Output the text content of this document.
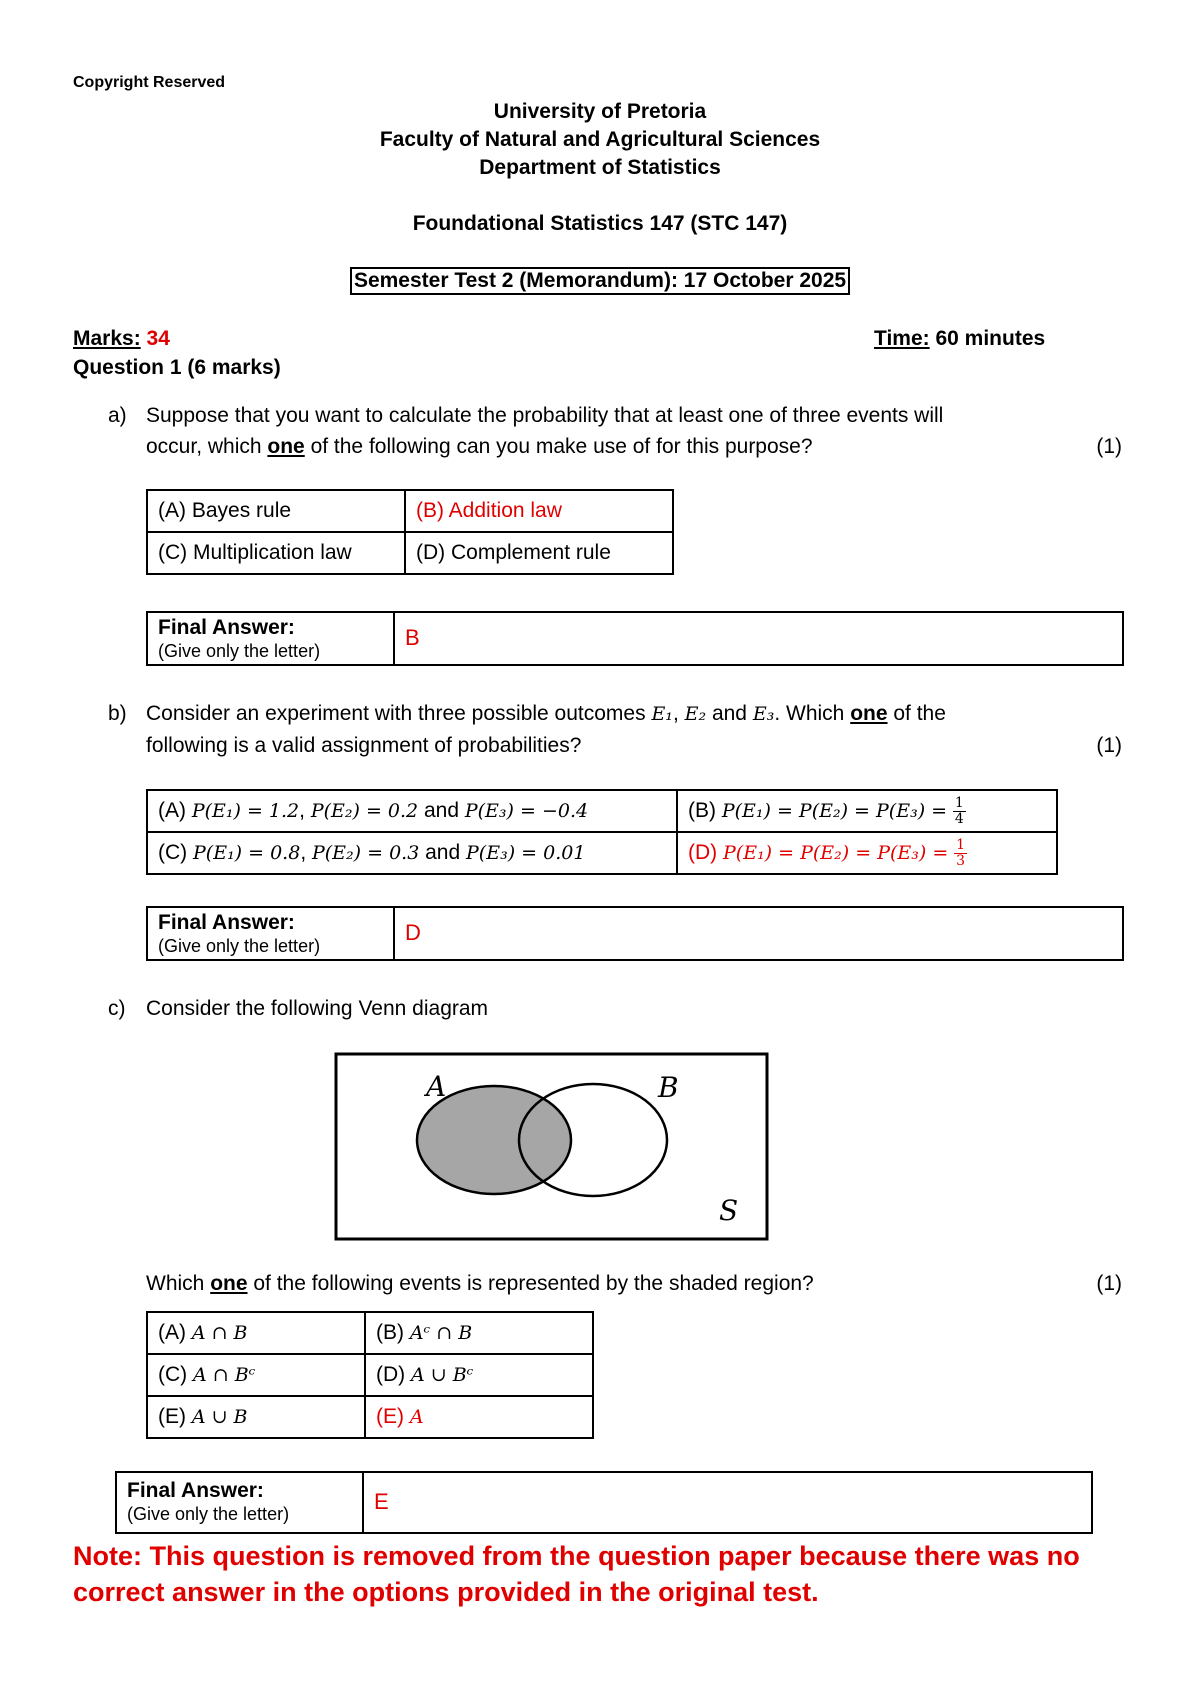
Copyright Reserved
University of Pretoria
Faculty of Natural and Agricultural Sciences
Department of Statistics
Foundational Statistics 147 (STC 147)
Semester Test 2 (Memorandum): 17 October 2025
Marks: 34	Time: 60 minutes
Question 1 (6 marks)
a) Suppose that you want to calculate the probability that at least one of three events will
occur, which one of the following can you make use of for this purpose?	(1)
(A) Bayes rule	(B) Addition law
(C) Multiplication law	(D) Complement rule
Final Answer:
(Give only the letter)
B
b) Consider an experiment with three possible outcomes E₁, E₂ and E₃. Which one of the
following is a valid assignment of probabilities?	(1)
(A) P(E₁) = 1.2, P(E₂) = 0.2 and P(E₃) = −0.4	(B) $P(E_1) = P(E_2) = P(E_3) = \frac{1}{4}$

(C) P(E₁) = 0.8, P(E₂) = 0.3 and P(E₃) = 0.01	(D) $P(E_1) = P(E_2) = P(E_3) = \frac{1}{3}$
Final Answer:
(Give only the letter)
D
c) Consider the following Venn diagram
A	B
S
Which one of the following events is represented by the shaded region?	(1)
(A) A ∩ B	(B) Aᶜ ∩ B
(C) A ∩ Bᶜ	(D) A ∪ Bᶜ
(E) A ∪ B	(E) A
Final Answer:
(Give only the letter)	E
Note: This question is removed from the question paper because there was no correct answer in the options provided in the original test.
